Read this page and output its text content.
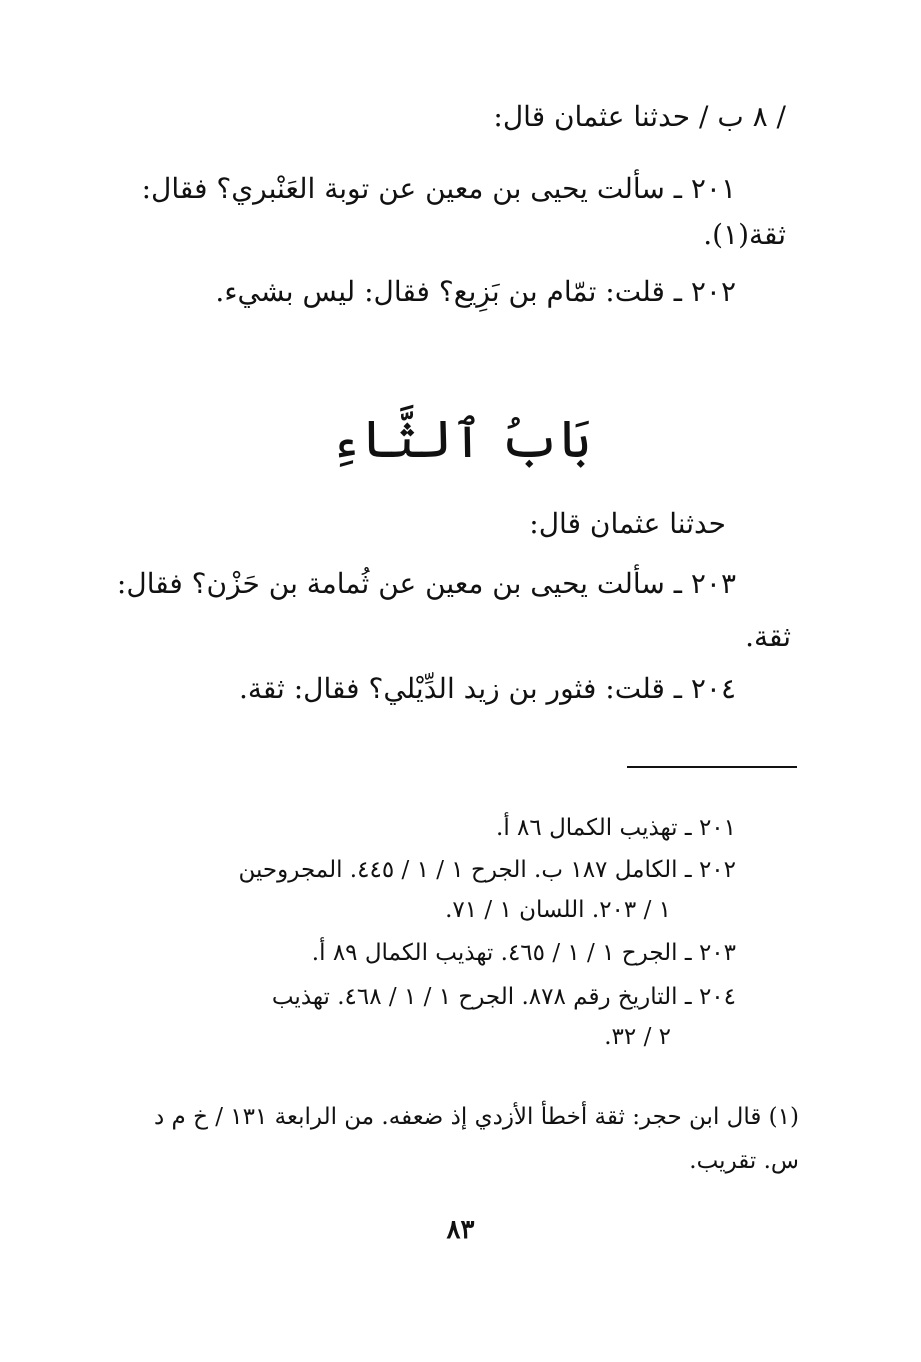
/ ٨ ب / حدثنا عثمان قال:
٢٠١ ـ سألت يحيى بن معين عن توبة العَنْبري؟ فقال:
ثقة(١).
٢٠٢ ـ قلت: تمّام بن بَزِيع؟ فقال: ليس بشيء.
بَابُ ٱلثَّاءِ
حدثنا عثمان قال:
٢٠٣ ـ سألت يحيى بن معين عن ثُمامة بن حَزْن؟ فقال:
ثقة.
٢٠٤ ـ قلت: فثور بن زيد الدِّيْلي؟ فقال: ثقة.
٢٠١ ـ تهذيب الكمال ٨٦ أ.
٢٠٢ ـ الكامل ١٨٧ ب. الجرح ١ / ١ / ٤٤٥. المجروحين
١ / ٢٠٣. اللسان ١ / ٧١.
٢٠٣ ـ الجرح ١ / ١ / ٤٦٥. تهذيب الكمال ٨٩ أ.
٢٠٤ ـ التاريخ رقم ٨٧٨. الجرح ١ / ١ / ٤٦٨. تهذيب
٢ / ٣٢.
(١) قال ابن حجر: ثقة أخطأ الأزدي إذ ضعفه. من الرابعة ١٣١ / خ م د
س. تقريب.
٨٣
